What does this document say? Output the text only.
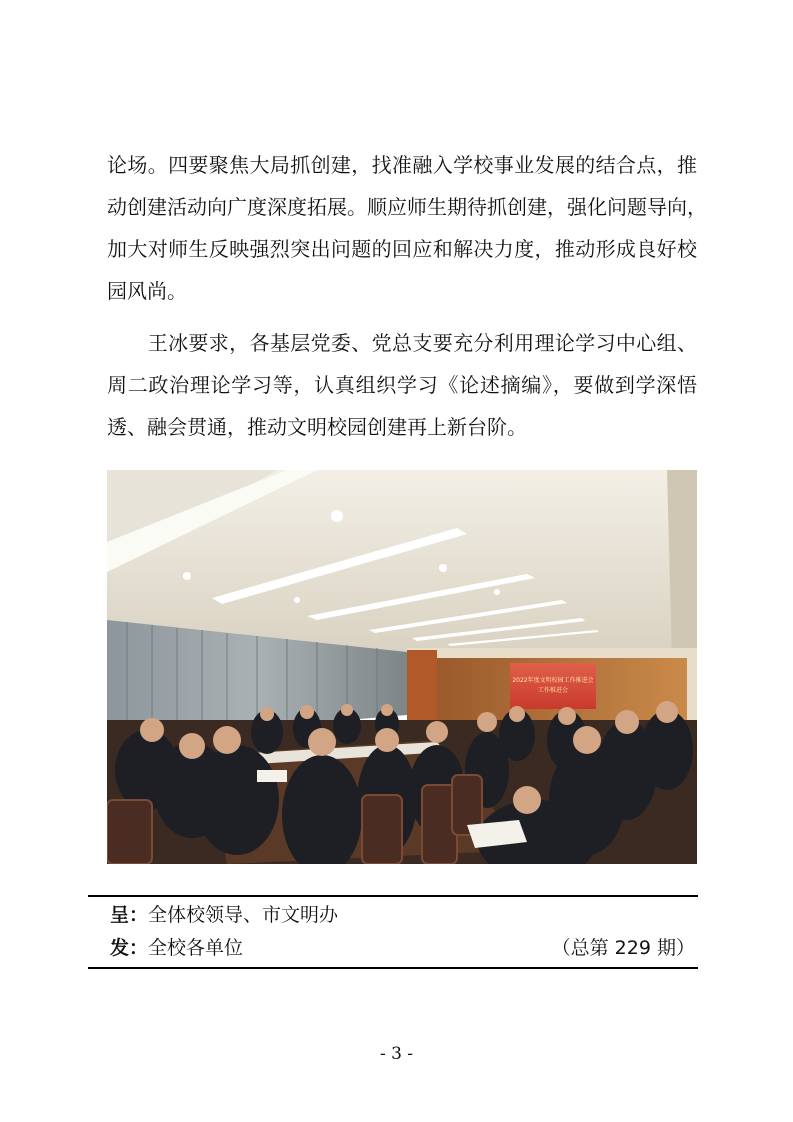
论场。四要聚焦大局抓创建，找准融入学校事业发展的结合点，推
动创建活动向广度深度拓展。顺应师生期待抓创建，强化问题导向，
加大对师生反映强烈突出问题的回应和解决力度，推动形成良好校
园风尚。
　　王冰要求，各基层党委、党总支要充分利用理论学习中心组、
周二政治理论学习等，认真组织学习《论述摘编》，要做到学深悟
透、融会贯通，推动文明校园创建再上新台阶。
2022年度文明校园工作推进会
工作推进会
呈：全体校领导、市文明办
发：全校各单位	（总第 229 期）
- 3 -
